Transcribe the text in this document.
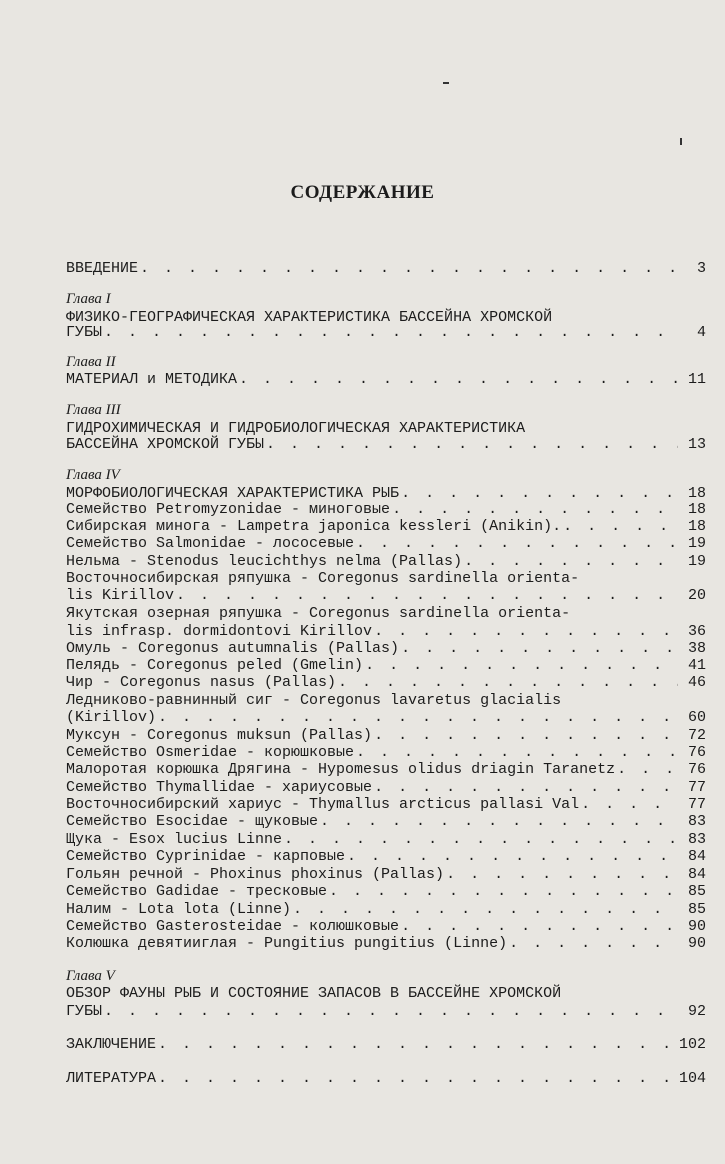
СОДЕРЖАНИЕ
ВВЕДЕНИЕ . . .	3
Глава I
ФИЗИКО-ГЕОГРАФИЧЕСКАЯ ХАРАКТЕРИСТИКА БАССЕЙНА ХРОМСКОЙ
ГУБЫ . . .	4
Глава II
МАТЕРИАЛ и МЕТОДИКА . . .	11
Глава III
ГИДРОХИМИЧЕСКАЯ И ГИДРОБИОЛОГИЧЕСКАЯ ХАРАКТЕРИСТИКА
БАССЕЙНА ХРОМСКОЙ ГУБЫ . . .	13
Глава IV
МОРФОБИОЛОГИЧЕСКАЯ ХАРАКТЕРИСТИКА РЫБ . . .	18
Семейство Petromyzonidae - миноговые . . .	18
Сибирская минога - Lampetra japonica kessleri (Anikin). . . .	18
Семейство Salmonidae - лососевые . . .	19
Нельма - Stenodus leucichthys nelma (Pallas) . . .	19
Восточносибирская ряпушка - Coregonus sardinella orienta-
lis Kirillov . . .	20
Якутская озерная ряпушка - Coregonus sardinella orienta-
lis infrasp. dormidontovi Kirillov . . .	36
Омуль - Coregonus autumnalis (Pallas) . . .	38
Пелядь - Coregonus peled (Gmelin) . . .	41
Чир - Coregonus nasus (Pallas) . . .	46
Ледниково-равнинный сиг - Coregonus lavaretus glacialis
(Kirillov) . . .	60
Муксун - Coregonus muksun (Pallas) . . .	72
Семейство Osmeridae - корюшковые . . .	76
Малоротая корюшка Дрягина - Hypomesus olidus driagin Taranetz . . .	76
Семейство Thymallidae - хариусовые . . .	77
Восточносибирский хариус - Thymallus arcticus pallasi Val . . .	77
Семейство Esocidae - щуковые . . .	83
Щука - Esox lucius Linne . . .	83
Семейство Cyprinidae - карповые . . .	84
Гольян речной - Phoxinus phoxinus (Pallas) . . .	84
Семейство Gadidae - тресковые . . .	85
Налим - Lota lota (Linne) . . .	85
Семейство Gasterosteidae - колюшковые . . .	90
Колюшка девятииглая - Pungitius pungitius (Linne) . . .	90
Глава V
ОБЗОР ФАУНЫ РЫБ И СОСТОЯНИЕ ЗАПАСОВ В БАССЕЙНЕ ХРОМСКОЙ
ГУБЫ . . .	92
ЗАКЛЮЧЕНИЕ . . .	102
ЛИТЕРАТУРА . . .	104
